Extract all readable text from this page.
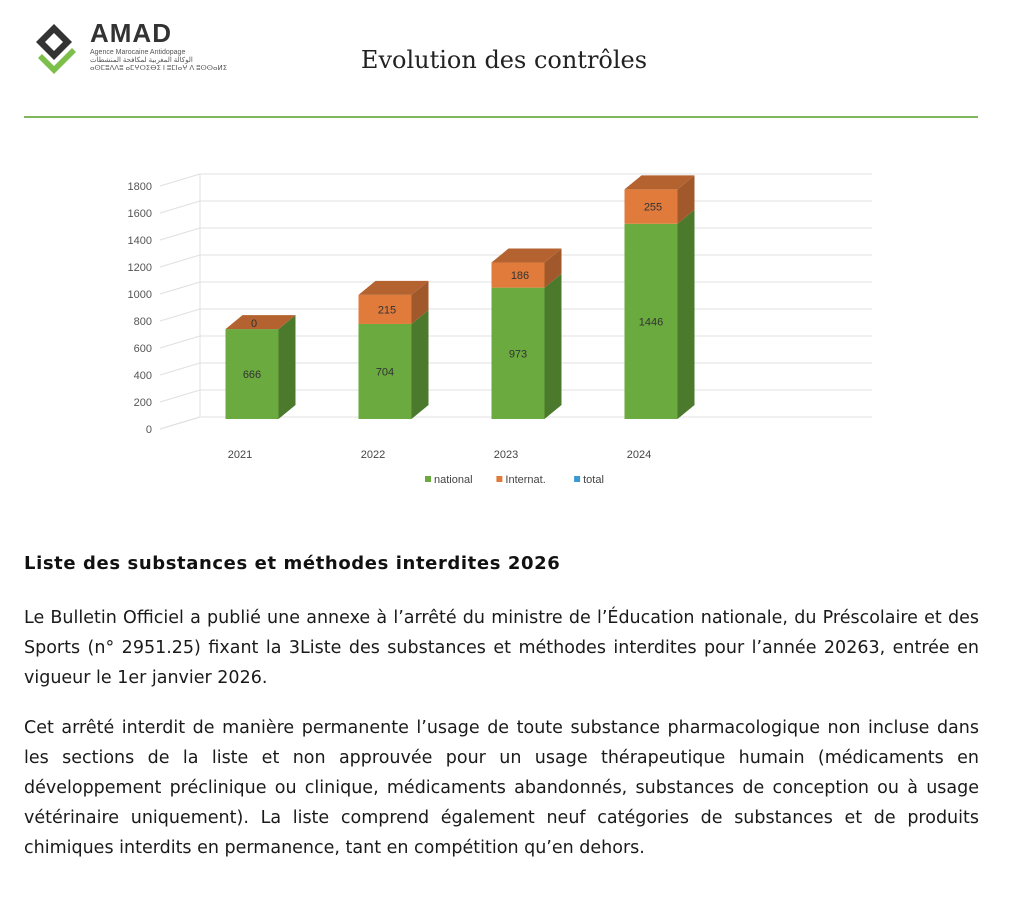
AMAD
Agence Marocaine Antidopage
الوكالة المغربية لمكافحة المنشطات
ⴰⵙⵎⵓⴷⴷⵓ ⴰⵎⵖⵔⵉⴱⵉ ⵏ ⵓⵎⵏⴰⵖ ⴷ ⵓⵙⵙⴰⵍⵉ	Evolution des contrôles
0
200
400
600
800
1000
1200
1400
1600
1800
666
0
2021
704
215
2022
973
186
2023
1446
255
2024
national	Internat.	total
Liste des substances et méthodes interdites 2026
Le Bulletin Officiel a publié une annexe à l’arrêté du ministre de l’Éducation nationale, du Préscolaire et des Sports (n° 2951.25) fixant la 3Liste des substances et méthodes interdites pour l’année 20263, entrée en vigueur le 1er janvier 2026.
Cet arrêté interdit de manière permanente l’usage de toute substance pharmacologique non incluse dans les sections de la liste et non approuvée pour un usage thérapeutique humain (médicaments en développement préclinique ou clinique, médicaments abandonnés, substances de conception ou à usage vétérinaire uniquement). La liste comprend également neuf catégories de substances et de produits chimiques interdits en permanence, tant en compétition qu’en dehors.
